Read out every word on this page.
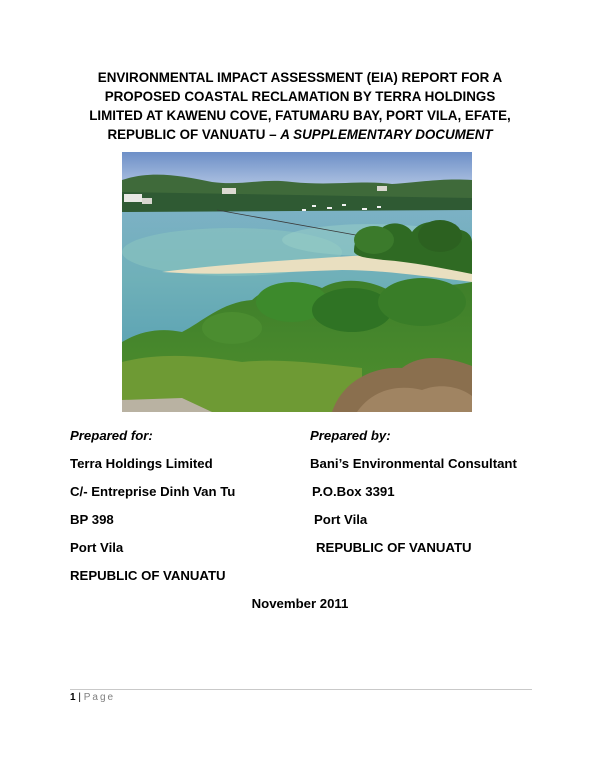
ENVIRONMENTAL IMPACT ASSESSMENT (EIA) REPORT FOR A
PROPOSED COASTAL RECLAMATION BY TERRA HOLDINGS
LIMITED AT KAWENU COVE, FATUMARU BAY, PORT VILA, EFATE,
REPUBLIC OF VANUATU – A SUPPLEMENTARY DOCUMENT
Prepared for:	Prepared by:
Terra Holdings Limited	Bani’s Environmental Consultant
C/- Entreprise Dinh Van Tu	P.O.Box 3391
BP 398	Port Vila
Port Vila	REPUBLIC OF VANUATU
REPUBLIC OF VANUATU
November 2011
1 | Page
